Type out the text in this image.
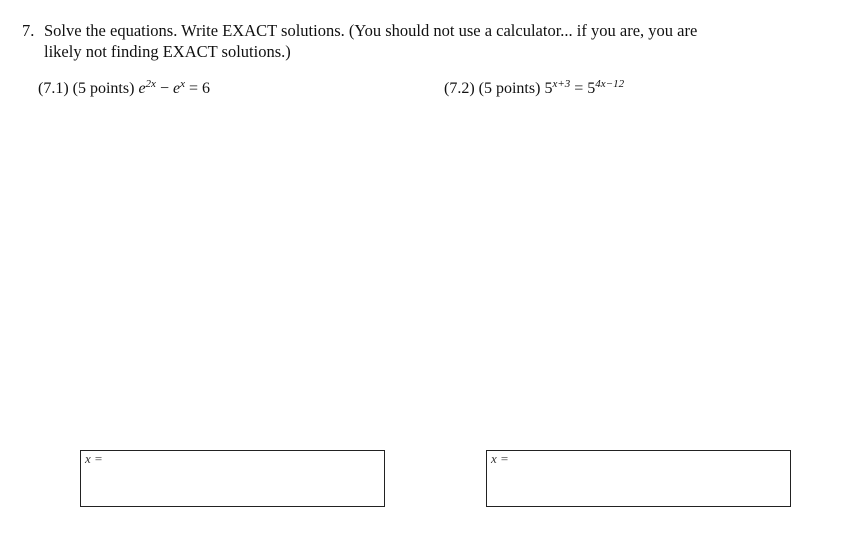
7. Solve the equations. Write EXACT solutions. (You should not use a calculator... if you are, you are
likely not finding EXACT solutions.)
(7.1) (5 points) $e^{2x} - e^x = 6$	(7.2) (5 points) $5^{x+3} = 5^{4x-12}$
x =	x =
